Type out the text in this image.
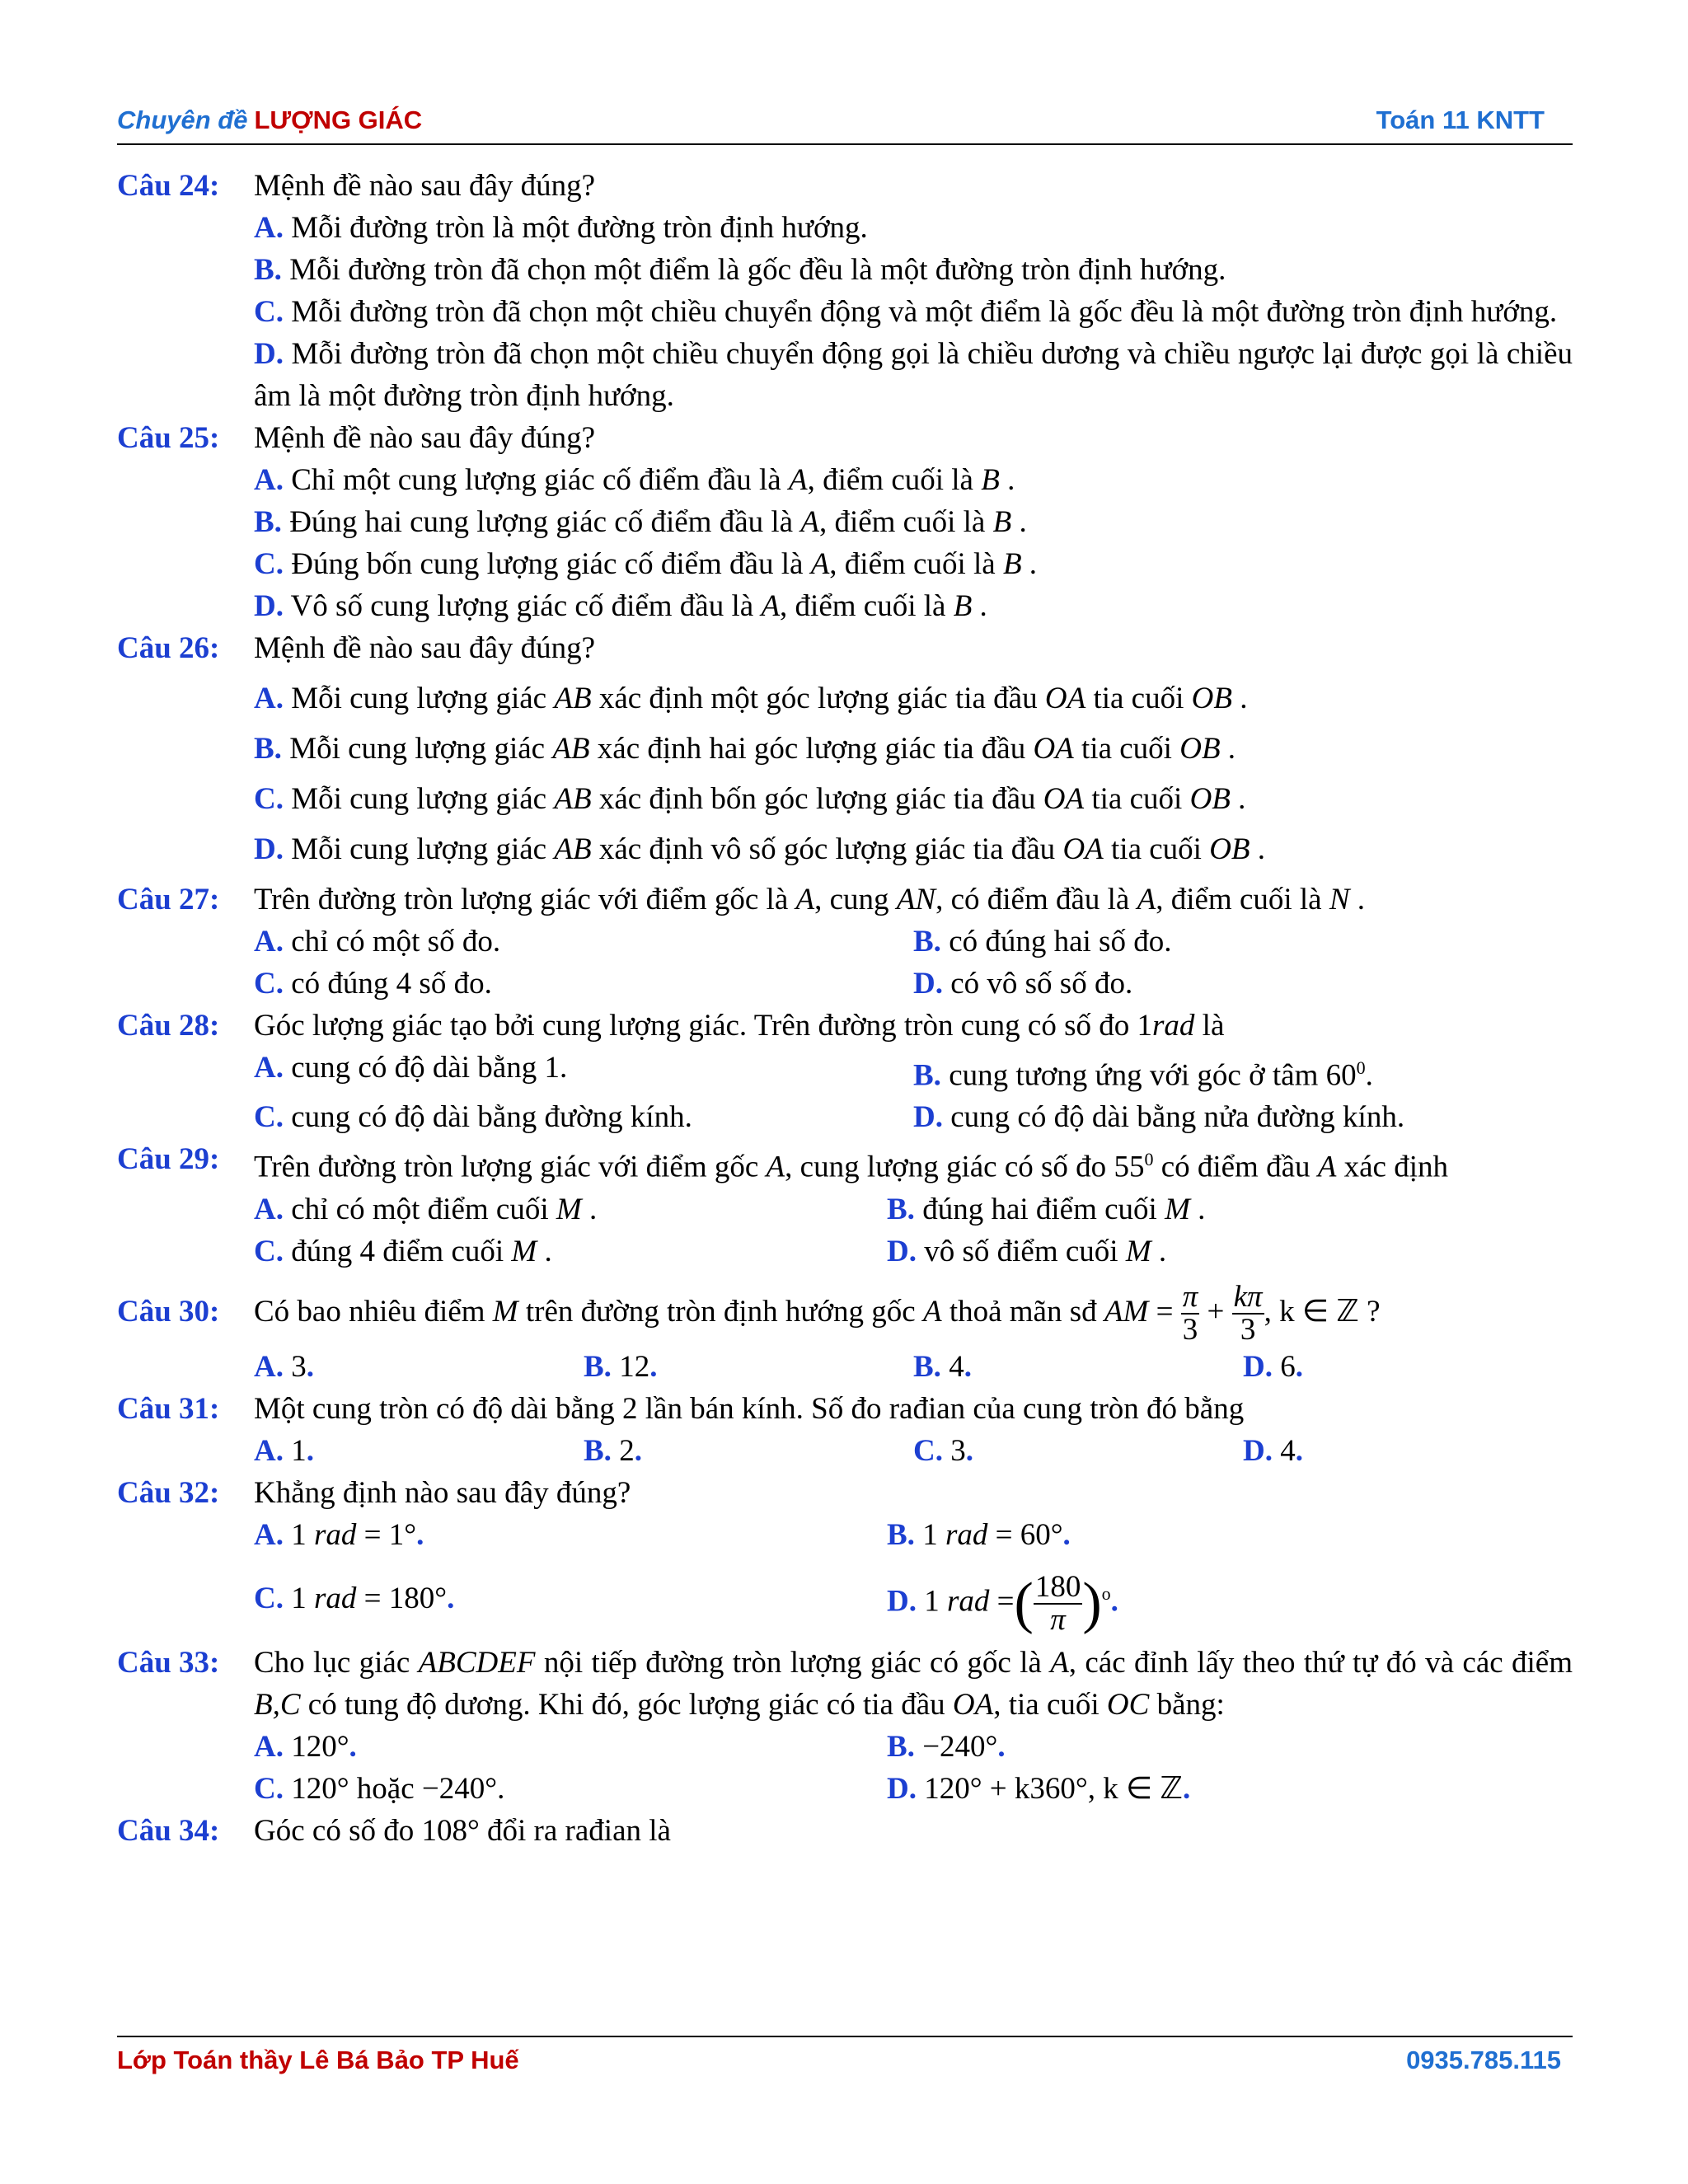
Chuyên đề LƯỢNG GIÁC	Toán 11 KNTT
Câu 24: Mệnh đề nào sau đây đúng?
A. Mỗi đường tròn là một đường tròn định hướng.
B. Mỗi đường tròn đã chọn một điểm là gốc đều là một đường tròn định hướng.
C. Mỗi đường tròn đã chọn một chiều chuyển động và một điểm là gốc đều là một đường tròn định hướng.
D. Mỗi đường tròn đã chọn một chiều chuyển động gọi là chiều dương và chiều ngược lại được gọi là chiều âm là một đường tròn định hướng.
Câu 25: Mệnh đề nào sau đây đúng?
A. Chỉ một cung lượng giác cố điểm đầu là A, điểm cuối là B .
B. Đúng hai cung lượng giác cố điểm đầu là A, điểm cuối là B .
C. Đúng bốn cung lượng giác cố điểm đầu là A, điểm cuối là B .
D. Vô số cung lượng giác cố điểm đầu là A, điểm cuối là B .
Câu 26: Mệnh đề nào sau đây đúng?
A. Mỗi cung lượng giác AB xác định một góc lượng giác tia đầu OA tia cuối OB .
B. Mỗi cung lượng giác AB xác định hai góc lượng giác tia đầu OA tia cuối OB .
C. Mỗi cung lượng giác AB xác định bốn góc lượng giác tia đầu OA tia cuối OB .
D. Mỗi cung lượng giác AB xác định vô số góc lượng giác tia đầu OA tia cuối OB .
Câu 27: Trên đường tròn lượng giác với điểm gốc là A, cung AN, có điểm đầu là A, điểm cuối là N .
A. chỉ có một số đo.	B. có đúng hai số đo.
C. có đúng 4 số đo.	D. có vô số số đo.
Câu 28: Góc lượng giác tạo bởi cung lượng giác. Trên đường tròn cung có số đo 1rad là
A. cung có độ dài bằng 1.	B. cung tương ứng với góc ở tâm $60^0$.
C. cung có độ dài bằng đường kính.	D. cung có độ dài bằng nửa đường kính.
Câu 29: Trên đường tròn lượng giác với điểm gốc A, cung lượng giác có số đo $55^0$ có điểm đầu A xác định
A. chỉ có một điểm cuối M .	B. đúng hai điểm cuối M .
C. đúng 4 điểm cuối M .	D. vô số điểm cuối M .
Câu 30: Có bao nhiêu điểm M trên đường tròn định hướng gốc A thoả mãn sđ AM = $\frac{\pi}{3} + \frac{k\pi}{3}$ , k ∈ ℤ ?
A. 3.	B. 12.	B. 4.	D. 6.
Câu 31: Một cung tròn có độ dài bằng 2 lần bán kính. Số đo rađian của cung tròn đó bằng
A. 1.	B. 2.	C. 3.	D. 4.
Câu 32: Khẳng định nào sau đây đúng?
A. 1 rad = 1°.	B. 1 rad = 60°.
C. 1 rad = 180°.	D. 1 rad =( $\frac{180}{\pi} )^o$.
Câu 33: Cho lục giác ABCDEF nội tiếp đường tròn lượng giác có gốc là A, các đỉnh lấy theo thứ tự đó và các điểm B,C có tung độ dương. Khi đó, góc lượng giác có tia đầu OA, tia cuối OC bằng:
A. 120°.	B. −240°.
C. 120° hoặc −240°.	D. 120° + k360°, k ∈ ℤ.
Câu 34: Góc có số đo 108° đổi ra rađian là
Lớp Toán thầy Lê Bá Bảo TP Huế	0935.785.115
